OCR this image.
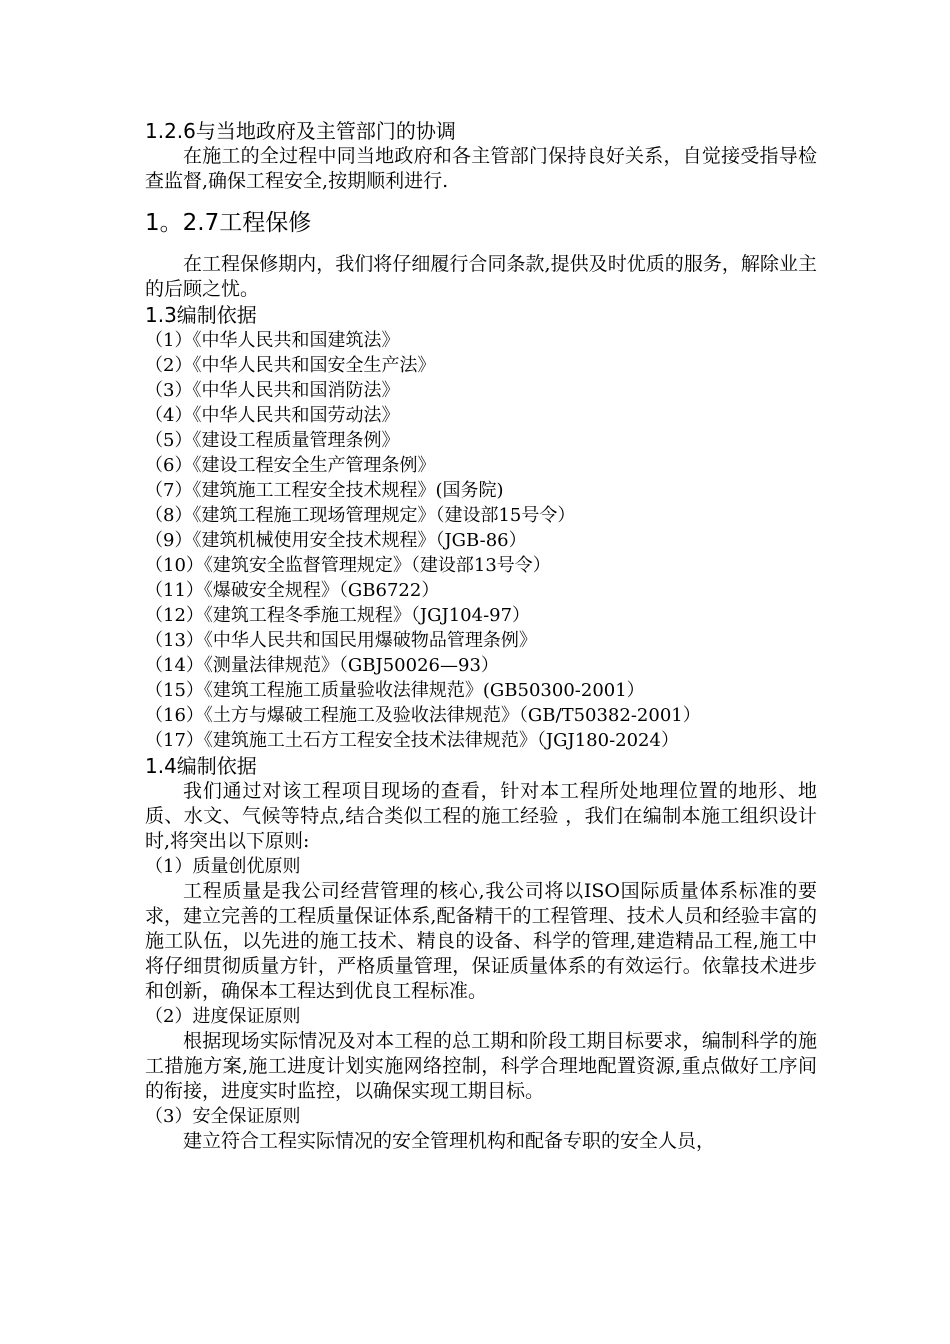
1.2.6与当地政府及主管部门的协调

在施工的全过程中同当地政府和各主管部门保持良好关系，自觉接受指导检查监督,确保工程安全,按期顺利进行.

1。2.7工程保修

在工程保修期内，我们将仔细履行合同条款,提供及时优质的服务，解除业主的后顾之忧。

1.3编制依据

（1）《中华人民共和国建筑法》

（2）《中华人民共和国安全生产法》

（3）《中华人民共和国消防法》

（4）《中华人民共和国劳动法》

（5）《建设工程质量管理条例》

（6）《建设工程安全生产管理条例》

（7）《建筑施工工程安全技术规程》(国务院)

（8）《建筑工程施工现场管理规定》（建设部15号令）

（9）《建筑机械使用安全技术规程》（JGB-86）

（10）《建筑安全监督管理规定》（建设部13号令）

（11）《爆破安全规程》（GB6722）

（12）《建筑工程冬季施工规程》（JGJ104-97）

（13）《中华人民共和国民用爆破物品管理条例》

（14）《测量法律规范》（GBJ50026—93）

（15）《建筑工程施工质量验收法律规范》(GB50300-2001）

（16）《土方与爆破工程施工及验收法律规范》（GB/T50382-2001）

（17）《建筑施工土石方工程安全技术法律规范》（JGJ180-2024）

1.4编制依据

我们通过对该工程项目现场的查看，针对本工程所处地理位置的地形、地质、水文、气候等特点,结合类似工程的施工经验 ，我们在编制本施工组织设计时,将突出以下原则:

（1）质量创优原则

工程质量是我公司经营管理的核心,我公司将以ISO国际质量体系标准的要求，建立完善的工程质量保证体系,配备精干的工程管理、技术人员和经验丰富的施工队伍，以先进的施工技术、精良的设备、科学的管理,建造精品工程,施工中将仔细贯彻质量方针，严格质量管理，保证质量体系的有效运行。依靠技术进步和创新，确保本工程达到优良工程标准。

（2）进度保证原则

根据现场实际情况及对本工程的总工期和阶段工期目标要求，编制科学的施工措施方案,施工进度计划实施网络控制，科学合理地配置资源,重点做好工序间的衔接，进度实时监控，以确保实现工期目标。

（3）安全保证原则

建立符合工程实际情况的安全管理机构和配备专职的安全人员，
